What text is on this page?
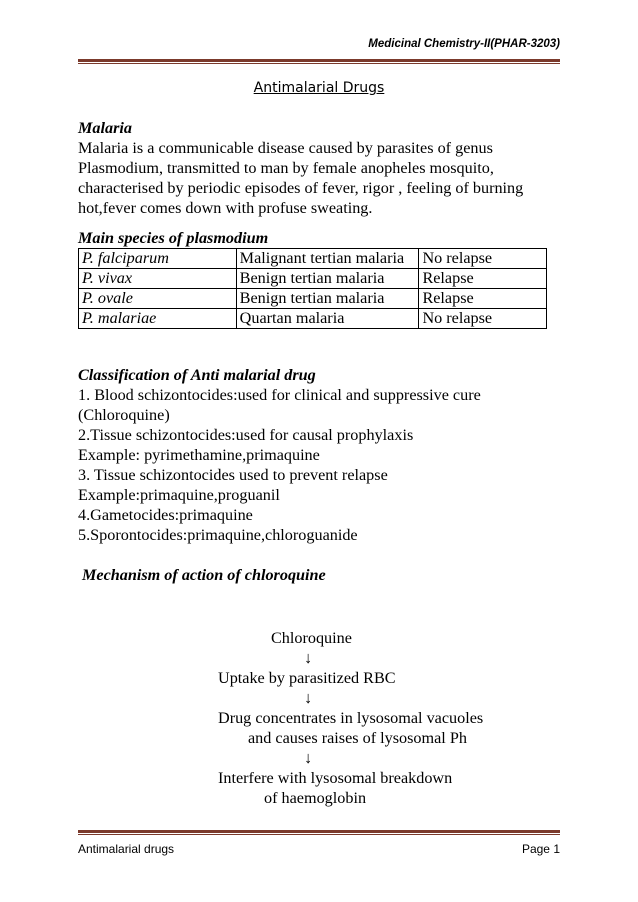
Medicinal Chemistry-II(PHAR-3203)
Antimalarial Drugs

Malaria

Malaria is a communicable disease caused by parasites of genus

Plasmodium, transmitted to man by female anopheles mosquito,

characterised by periodic episodes of fever, rigor , feeling of burning

hot,fever comes down with profuse sweating.

Main species of plasmodium

P. falciparum	Malignant tertian malaria	No relapse
P. vivax	Benign tertian malaria	Relapse
P. ovale	Benign tertian malaria	Relapse
P. malariae	Quartan malaria	No relapse

Classification of Anti malarial drug

1. Blood schizontocides:used for clinical and suppressive cure

(Chloroquine)

2.Tissue schizontocides:used for causal prophylaxis

Example: pyrimethamine,primaquine

3. Tissue schizontocides used to prevent relapse

Example:primaquine,proguanil

4.Gametocides:primaquine

5.Sporontocides:primaquine,chloroguanide

Mechanism of action of chloroquine

Chloroquine
↓
Uptake by parasitized RBC
↓
Drug concentrates in lysosomal vacuoles
and causes raises of lysosomal Ph
↓
Interfere with lysosomal breakdown
of haemoglobin
Antimalarial drugs	Page 1
